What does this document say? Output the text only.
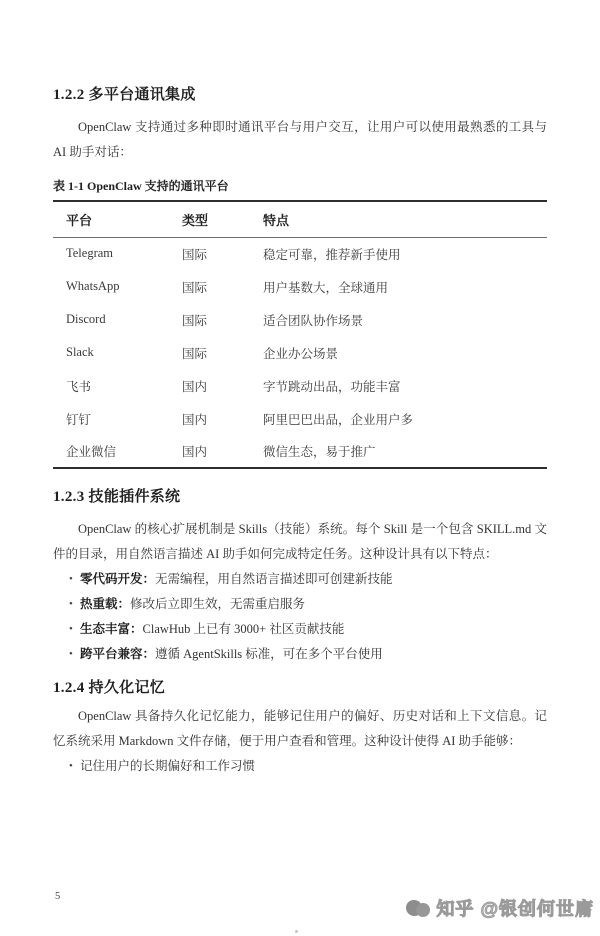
1.2.2 多平台通讯集成

OpenClaw 支持通过多种即时通讯平台与用户交互，让用户可以使用最熟悉的工具与 AI 助手对话：

表 1-1 OpenClaw 支持的通讯平台
平台	类型	特点
Telegram	国际	稳定可靠，推荐新手使用
WhatsApp	国际	用户基数大，全球通用
Discord	国际	适合团队协作场景
Slack	国际	企业办公场景
飞书	国内	字节跳动出品，功能丰富
钉钉	国内	阿里巴巴出品，企业用户多
企业微信	国内	微信生态，易于推广
1.2.3 技能插件系统

OpenClaw 的核心扩展机制是 Skills（技能）系统。每个 Skill 是一个包含 SKILL.md 文件的目录，用自然语言描述 AI 助手如何完成特定任务。这种设计具有以下特点：

• 零代码开发：无需编程，用自然语言描述即可创建新技能
• 热重载：修改后立即生效，无需重启服务
• 生态丰富：ClawHub 上已有 3000+ 社区贡献技能
• 跨平台兼容：遵循 AgentSkills 标准，可在多个平台使用
1.2.4 持久化记忆

OpenClaw 具备持久化记忆能力，能够记住用户的偏好、历史对话和上下文信息。记忆系统采用 Markdown 文件存储，便于用户查看和管理。这种设计使得 AI 助手能够：

• 记住用户的长期偏好和工作习惯
5
知乎 @银创何世庸
